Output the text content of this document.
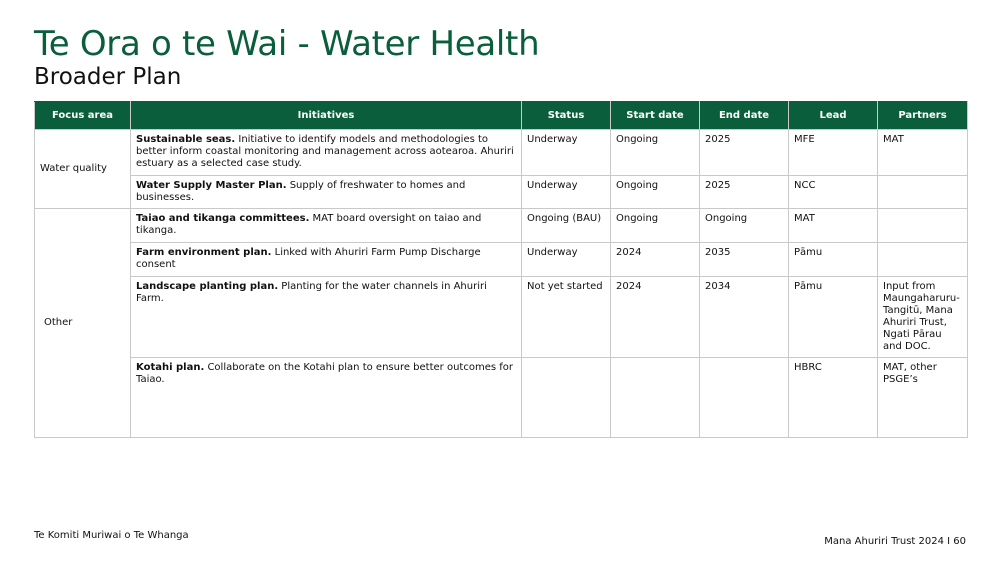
Te Ora o te Wai - Water Health
Broader Plan
Focus area	Initiatives	Status	Start date	End date	Lead	Partners
Water quality	Sustainable seas. Initiative to identify models and methodologies to better inform coastal monitoring and management across aotearoa. Ahuriri estuary as a selected case study.	Underway	Ongoing	2025	MFE	MAT
	Water Supply Master Plan. Supply of freshwater to homes and businesses.	Underway	Ongoing	2025	NCC	
Other	Taiao and tikanga committees. MAT board oversight on taiao and tikanga.	Ongoing (BAU)	Ongoing	Ongoing	MAT	
	Farm environment plan. Linked with Ahuriri Farm Pump Discharge consent	Underway	2024	2035	Pāmu	
	Landscape planting plan. Planting for the water channels in Ahuriri Farm.	Not yet started	2024	2034	Pāmu	Input from Maungaharuru-Tangitū, Mana Ahuriri Trust, Ngati Pārau and DOC.
	Kotahi plan. Collaborate on the Kotahi plan to ensure better outcomes for Taiao.				HBRC	MAT, other PSGE’s
Te Komiti Muriwai o Te Whanga
Mana Ahuriri Trust 2024 I 60
